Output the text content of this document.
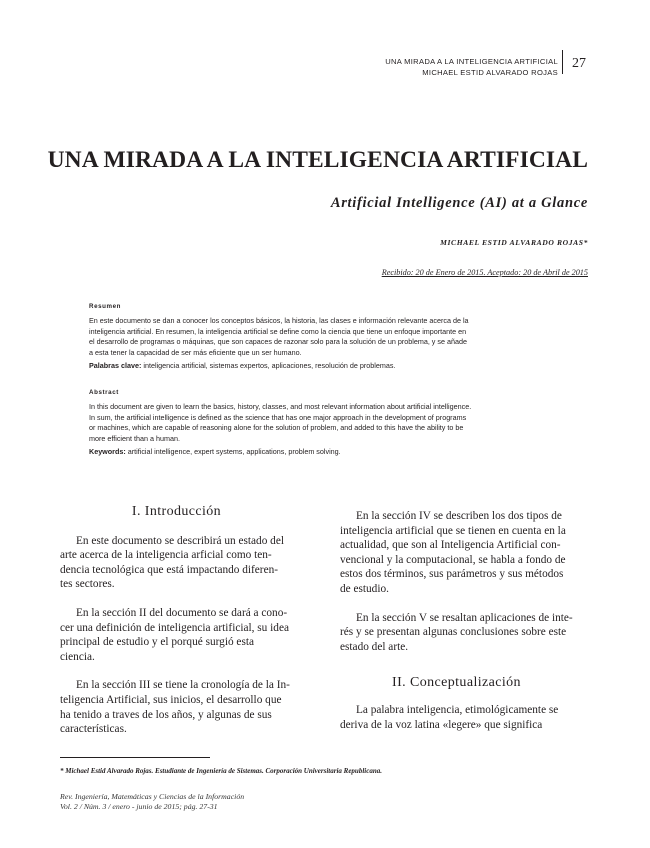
UNA MIRADA A LA INTELIGENCIA ARTIFICIAL
MICHAEL ESTID ALVARADO ROJAS
27
UNA MIRADA A LA INTELIGENCIA ARTIFICIAL
Artificial Intelligence (AI) at a Glance
MICHAEL ESTID ALVARADO ROJAS*
Recibido: 20 de Enero de 2015. Aceptado: 20 de Abril de 2015
Resumen
En este documento se dan a conocer los conceptos básicos, la historia, las clases e información relevante acerca de la
inteligencia artificial. En resumen, la inteligencia artificial se define como la ciencia que tiene un enfoque importante en
el desarrollo de programas o máquinas, que son capaces de razonar solo para la solución de un problema, y se añade
a esta tener la capacidad de ser más eficiente que un ser humano.
Palabras clave: inteligencia artificial, sistemas expertos, aplicaciones, resolución de problemas.
Abstract
In this document are given to learn the basics, history, classes, and most relevant information about artificial intelligence.
In sum, the artificial intelligence is defined as the science that has one major approach in the development of programs
or machines, which are capable of reasoning alone for the solution of problem, and added to this have the ability to be
more efficient than a human.
Keywords: artificial intelligence, expert systems, applications, problem solving.
I. Introducción

En este documento se describirá un estado del
arte acerca de la inteligencia arficial como ten-
dencia tecnológica que está impactando diferen-
tes sectores.

En la sección II del documento se dará a cono-
cer una definición de inteligencia artificial, su idea
principal de estudio y el porqué surgió esta
ciencia.

En la sección III se tiene la cronología de la In-
teligencia Artificial, sus inicios, el desarrollo que
ha tenido a traves de los años, y algunas de sus
características.

En la sección IV se describen los dos tipos de
inteligencia artificial que se tienen en cuenta en la
actualidad, que son al Inteligencia Artificial con-
vencional y la computacional, se habla a fondo de
estos dos términos, sus parámetros y sus métodos
de estudio.

En la sección V se resaltan aplicaciones de inte-
rés y se presentan algunas conclusiones sobre este
estado del arte.

II. Conceptualización

La palabra inteligencia, etimológicamente se
deriva de la voz latina «legere» que significa

* Michael Estid Alvarado Rojas. Estudiante de Ingeniería de Sistemas. Corporación Universitaria Republicana.
Rev. Ingeniería, Matemáticas y Ciencias de la Información
Vol. 2 / Núm. 3 / enero - junio de 2015; pág. 27-31
